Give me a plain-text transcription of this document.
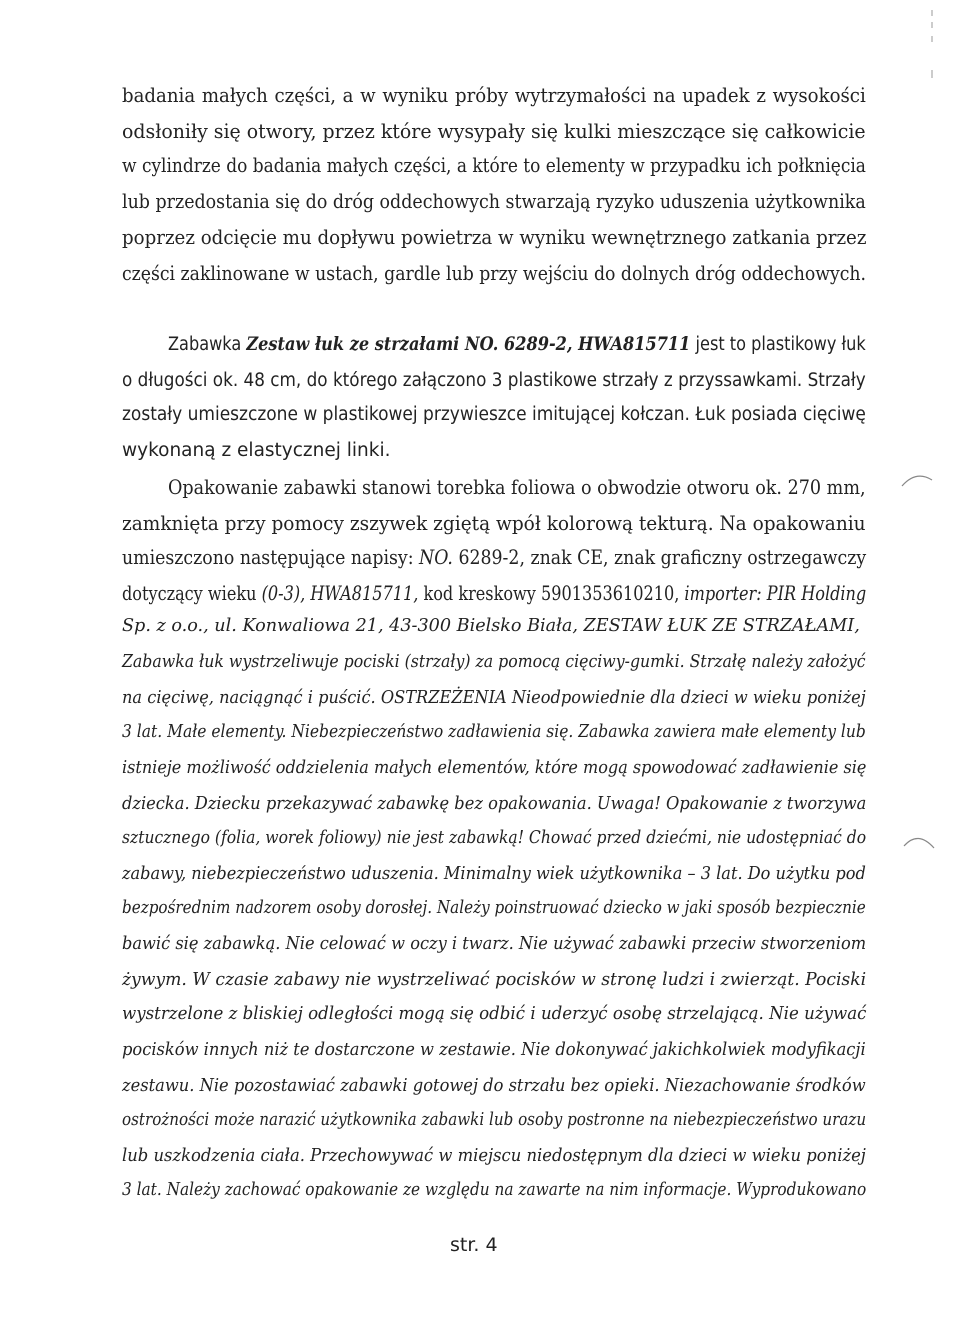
badania małych części, a w wyniku próby wytrzymałości na upadek z wysokości

odsłoniły się otwory, przez które wysypały się kulki mieszczące się całkowicie

w cylindrze do badania małych części, a które to elementy w przypadku ich połknięcia

lub przedostania się do dróg oddechowych stwarzają ryzyko uduszenia użytkownika

poprzez odcięcie mu dopływu powietrza w wyniku wewnętrznego zatkania przez

części zaklinowane w ustach, gardle lub przy wejściu do dolnych dróg oddechowych.

Zabawka Zestaw łuk ze strzałami NO. 6289-2, HWA815711 jest to plastikowy łuk

o długości ok. 48 cm, do którego załączono 3 plastikowe strzały z przyssawkami. Strzały

zostały umieszczone w plastikowej przywieszce imitującej kołczan. Łuk posiada cięciwę

wykonaną z elastycznej linki.

Opakowanie zabawki stanowi torebka foliowa o obwodzie otworu ok. 270 mm,

zamknięta przy pomocy zszywek zgiętą wpół kolorową tekturą. Na opakowaniu

umieszczono następujące napisy: NO. 6289-2, znak CE, znak graficzny ostrzegawczy

dotyczący wieku (0-3), HWA815711, kod kreskowy 5901353610210, importer: PIR Holding

Sp. z o.o., ul. Konwaliowa 21, 43-300 Bielsko Biała, ZESTAW ŁUK ZE STRZAŁAMI,

Zabawka łuk wystrzeliwuje pociski (strzały) za pomocą cięciwy-gumki. Strzałę należy założyć

na cięciwę, naciągnąć i puścić. OSTRZEŻENIA Nieodpowiednie dla dzieci w wieku poniżej

3 lat. Małe elementy. Niebezpieczeństwo zadławienia się. Zabawka zawiera małe elementy lub

istnieje możliwość oddzielenia małych elementów, które mogą spowodować zadławienie się

dziecka. Dziecku przekazywać zabawkę bez opakowania. Uwaga! Opakowanie z tworzywa

sztucznego (folia, worek foliowy) nie jest zabawką! Chować przed dziećmi, nie udostępniać do

zabawy, niebezpieczeństwo uduszenia. Minimalny wiek użytkownika – 3 lat. Do użytku pod

bezpośrednim nadzorem osoby dorosłej. Należy poinstruować dziecko w jaki sposób bezpiecznie

bawić się zabawką. Nie celować w oczy i twarz. Nie używać zabawki przeciw stworzeniom

żywym. W czasie zabawy nie wystrzeliwać pocisków w stronę ludzi i zwierząt. Pociski

wystrzelone z bliskiej odległości mogą się odbić i uderzyć osobę strzelającą. Nie używać

pocisków innych niż te dostarczone w zestawie. Nie dokonywać jakichkolwiek modyfikacji

zestawu. Nie pozostawiać zabawki gotowej do strzału bez opieki. Niezachowanie środków

ostrożności może narazić użytkownika zabawki lub osoby postronne na niebezpieczeństwo urazu

lub uszkodzenia ciała. Przechowywać w miejscu niedostępnym dla dzieci w wieku poniżej

3 lat. Należy zachować opakowanie ze względu na zawarte na nim informacje. Wyprodukowano

str. 4
